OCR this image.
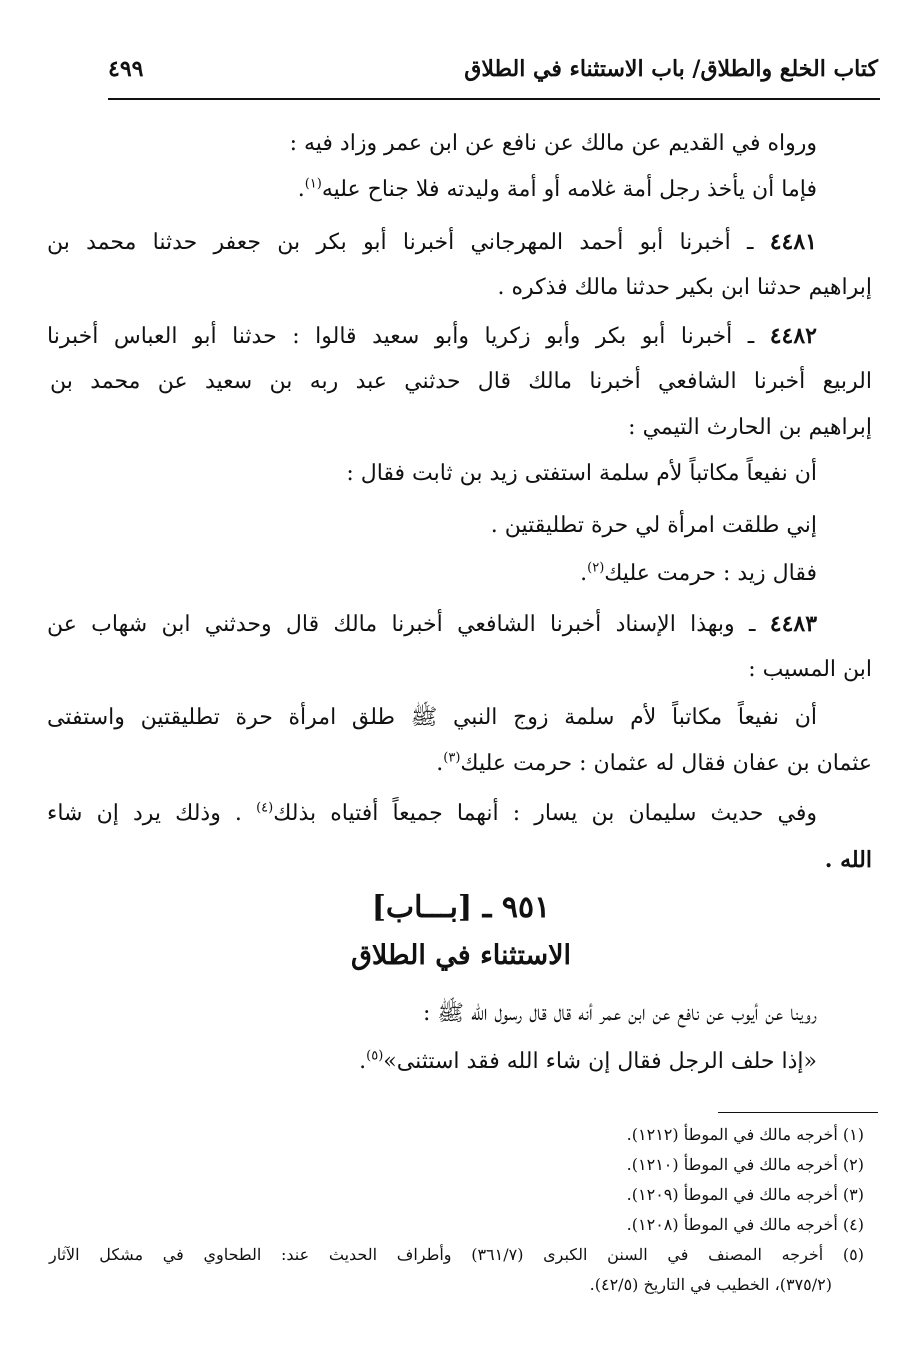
كتاب الخلع والطلاق/ باب الاستثناء في الطلاق
٤٩٩
ورواه في القديم عن مالك عن نافع عن ابن عمر وزاد فيه :
فإما أن يأخذ رجل أمة غلامه أو أمة وليدته فلا جناح عليه$^{(١)}$.
٤٤٨١ ـ أخبرنا أبو أحمد المهرجاني أخبرنا أبو بكر بن جعفر حدثنا محمد بن
إبراهيم حدثنا ابن بكير حدثنا مالك فذكره .
٤٤٨٢ ـ أخبرنا أبو بكر وأبو زكريا وأبو سعيد قالوا : حدثنا أبو العباس أخبرنا
الربيع أخبرنا الشافعي أخبرنا مالك قال حدثني عبد ربه بن سعيد عن محمد بن
إبراهيم بن الحارث التيمي :
أن نفيعاً مكاتباً لأم سلمة استفتى زيد بن ثابت فقال :
إني طلقت امرأة لي حرة تطليقتين .
فقال زيد : حرمت عليك$^{(٢)}$.
٤٤٨٣ ـ وبهذا الإسناد أخبرنا الشافعي أخبرنا مالك قال وحدثني ابن شهاب عن
ابن المسيب :
أن نفيعاً مكاتباً لأم سلمة زوج النبي ﷺ طلق امرأة حرة تطليقتين واستفتى
عثمان بن عفان فقال له عثمان : حرمت عليك$^{(٣)}$.
وفي حديث سليمان بن يسار : أنهما جميعاً أفتياه بذلك$^{(٤)}$ . وذلك يرد إن شاء
الله .
٩٥١ ـ [بـــاب]
الاستثناء في الطلاق
روينا عن أيوب عن نافع عن ابن عمر أنه قال قال رسول الله ﷺ :
«إذا حلف الرجل فقال إن شاء الله فقد استثنى»$^{(٥)}$.
(١) أخرجه مالك في الموطأ (١٢١٢).
(٢) أخرجه مالك في الموطأ (١٢١٠).
(٣) أخرجه مالك في الموطأ (١٢٠٩).
(٤) أخرجه مالك في الموطأ (١٢٠٨).
(٥) أخرجه المصنف في السنن الكبرى (٣٦١/٧) وأطراف الحديث عند: الطحاوي في مشكل الآثار
(٣٧٥/٢)، الخطيب في التاريخ (٤٢/٥).
